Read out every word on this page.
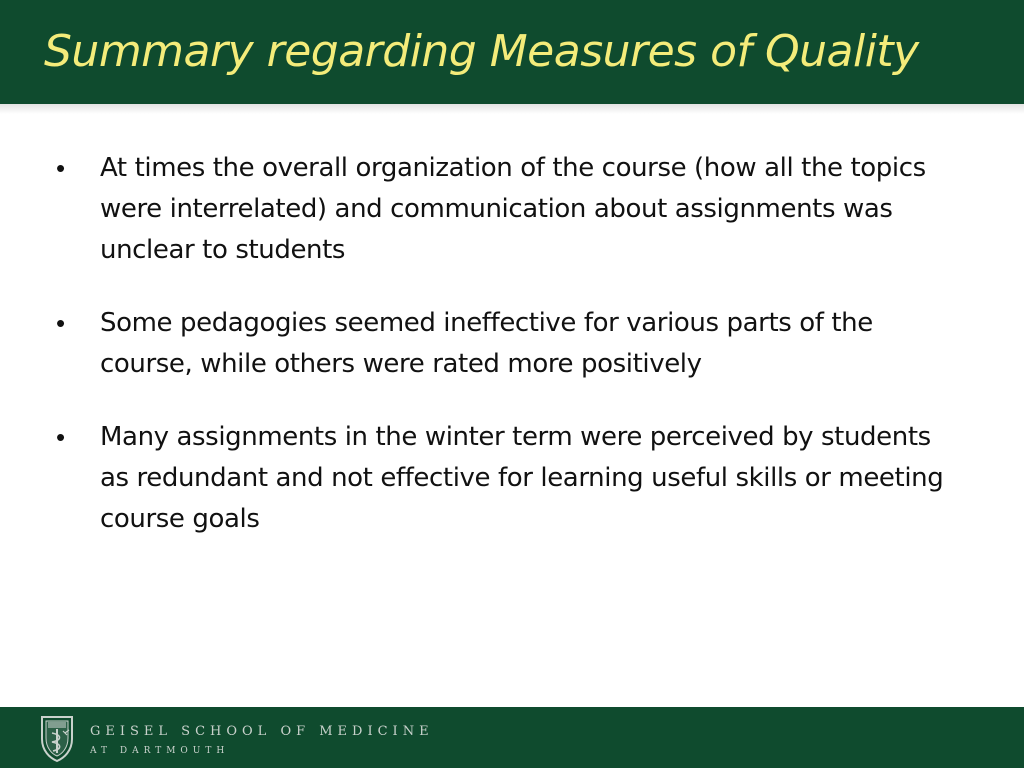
Summary regarding Measures of Quality
• At times the overall organization of the course (how all the topics were interrelated) and communication about assignments was unclear to students
• Some pedagogies seemed ineffective for various parts of the course, while others were rated more positively
• Many assignments in the winter term were perceived by students as redundant and not effective for learning useful skills or meeting course goals
GEISEL SCHOOL OF MEDICINE
AT DARTMOUTH
